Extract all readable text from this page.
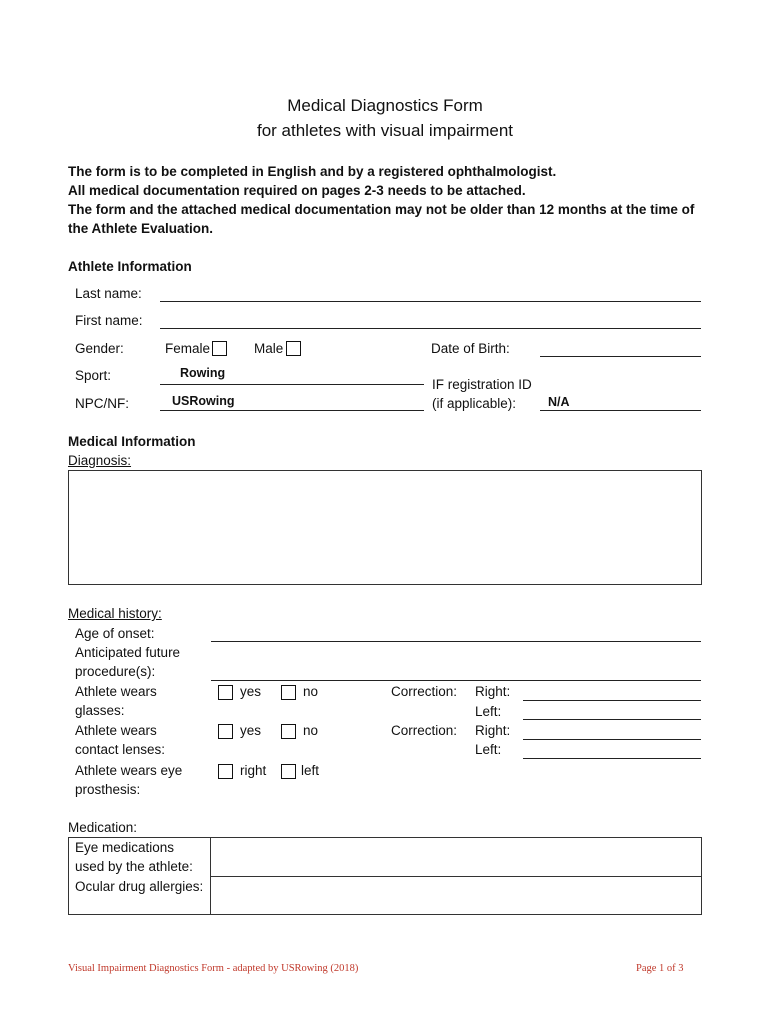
Medical Diagnostics Form
for athletes with visual impairment
The form is to be completed in English and by a registered ophthalmologist.
All medical documentation required on pages 2-3 needs to be attached.
The form and the attached medical documentation may not be older than 12 months at the time of
the Athlete Evaluation.
Athlete Information
Last name:
First name:
Gender:	Female	Male	Date of Birth:
Sport:	Rowing
IF registration ID
(if applicable):	N/A
NPC/NF:	USRowing
Medical Information
Diagnosis:
Medical history:
Age of onset:
Anticipated future
procedure(s):
Athlete wears
glasses:
yes	no	Correction: Right:
Left:
Athlete wears
contact lenses:
yes	no	Correction: Right:
Left:
Athlete wears eye
prosthesis:
right	left
Medication:
Eye medications
used by the athlete:
Ocular drug allergies:
Visual Impairment Diagnostics Form - adapted by USRowing (2018)	Page 1 of 3
